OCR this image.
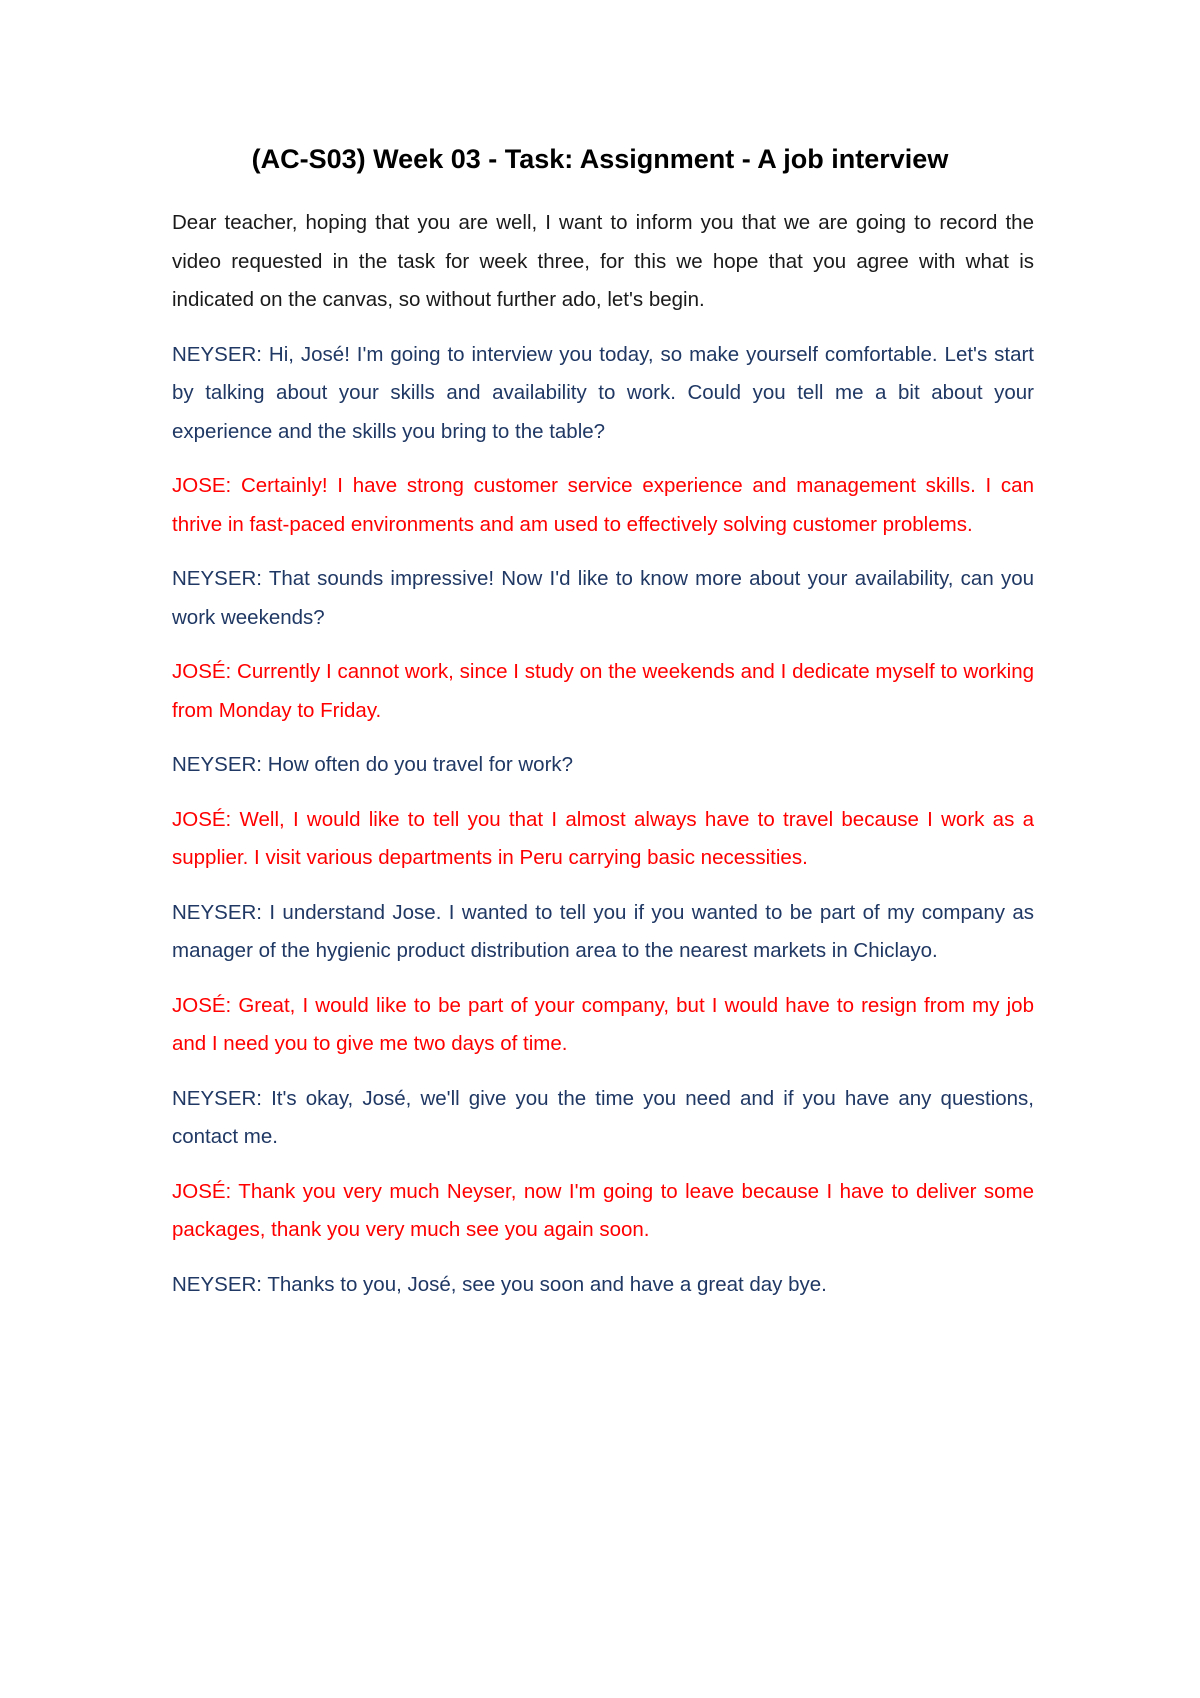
(AC-S03) Week 03 - Task: Assignment - A job interview

Dear teacher, hoping that you are well, I want to inform you that we are going to record the video requested in the task for week three, for this we hope that you agree with what is indicated on the canvas, so without further ado, let's begin.

NEYSER: Hi, José! I'm going to interview you today, so make yourself comfortable. Let's start by talking about your skills and availability to work. Could you tell me a bit about your experience and the skills you bring to the table?

JOSE: Certainly! I have strong customer service experience and management skills. I can thrive in fast-paced environments and am used to effectively solving customer problems.

NEYSER: That sounds impressive! Now I'd like to know more about your availability, can you work weekends?

JOSÉ: Currently I cannot work, since I study on the weekends and I dedicate myself to working from Monday to Friday.

NEYSER: How often do you travel for work?

JOSÉ: Well, I would like to tell you that I almost always have to travel because I work as a supplier. I visit various departments in Peru carrying basic necessities.

NEYSER: I understand Jose. I wanted to tell you if you wanted to be part of my company as manager of the hygienic product distribution area to the nearest markets in Chiclayo.

JOSÉ: Great, I would like to be part of your company, but I would have to resign from my job and I need you to give me two days of time.

NEYSER: It's okay, José, we'll give you the time you need and if you have any questions, contact me.

JOSÉ: Thank you very much Neyser, now I'm going to leave because I have to deliver some packages, thank you very much see you again soon.

NEYSER: Thanks to you, José, see you soon and have a great day bye.
